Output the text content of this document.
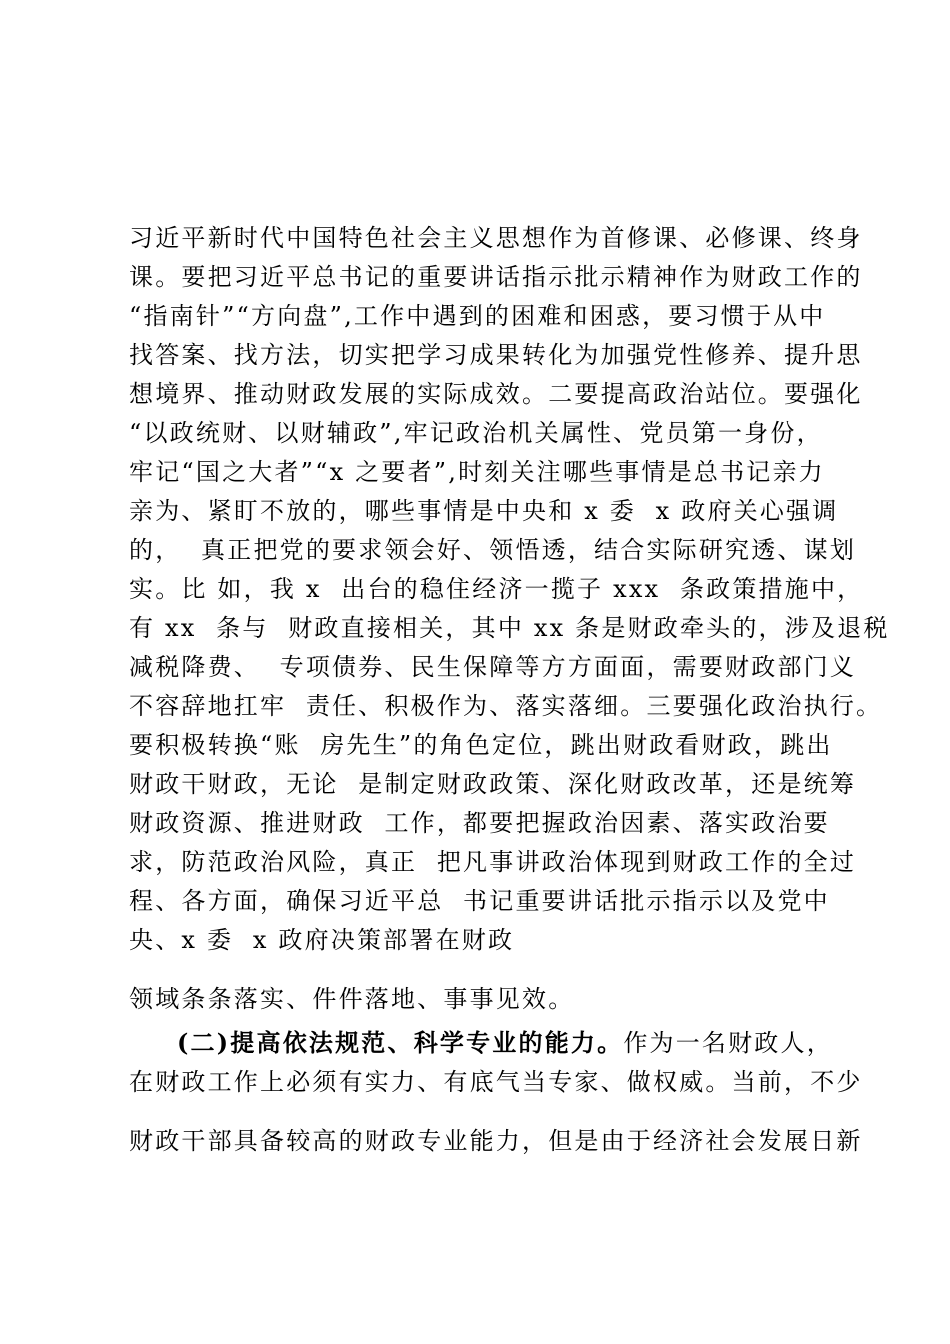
习近平新时代中国特色社会主义思想作为首修课、必修课、终身
课。要把习近平总书记的重要讲话指示批示精神作为财政工作的
“指南针”“方向盘”,工作中遇到的困难和困惑，要习惯于从中
找答案、找方法，切实把学习成果转化为加强党性修养、提升思
想境界、推动财政发展的实际成效。二要提高政治站位。要强化
“以政统财、以财辅政”,牢记政治机关属性、党员第一身份，
牢记“国之大者”“x 之要者”,时刻关注哪些事情是总书记亲力
亲为、紧盯不放的，哪些事情是中央和 x 委  x 政府关心强调
的，  真正把党的要求领会好、领悟透，结合实际研究透、谋划
实。比 如，我 x  出台的稳住经济一揽子 xxx  条政策措施中，
有 xx  条与  财政直接相关，其中 xx 条是财政牵头的，涉及退税
减税降费、  专项债券、民生保障等方方面面，需要财政部门义
不容辞地扛牢  责任、积极作为、落实落细。三要强化政治执行。
要积极转换“账  房先生”的角色定位，跳出财政看财政，跳出
财政干财政，无论  是制定财政政策、深化财政改革，还是统筹
财政资源、推进财政  工作，都要把握政治因素、落实政治要
求，防范政治风险，真正  把凡事讲政治体现到财政工作的全过
程、各方面，确保习近平总  书记重要讲话批示指示以及党中
央、x 委  x 政府决策部署在财政
领域条条落实、件件落地、事事见效。
(二)提高依法规范、科学专业的能力。作为一名财政人，
在财政工作上必须有实力、有底气当专家、做权威。当前，不少
财政干部具备较高的财政专业能力，但是由于经济社会发展日新
